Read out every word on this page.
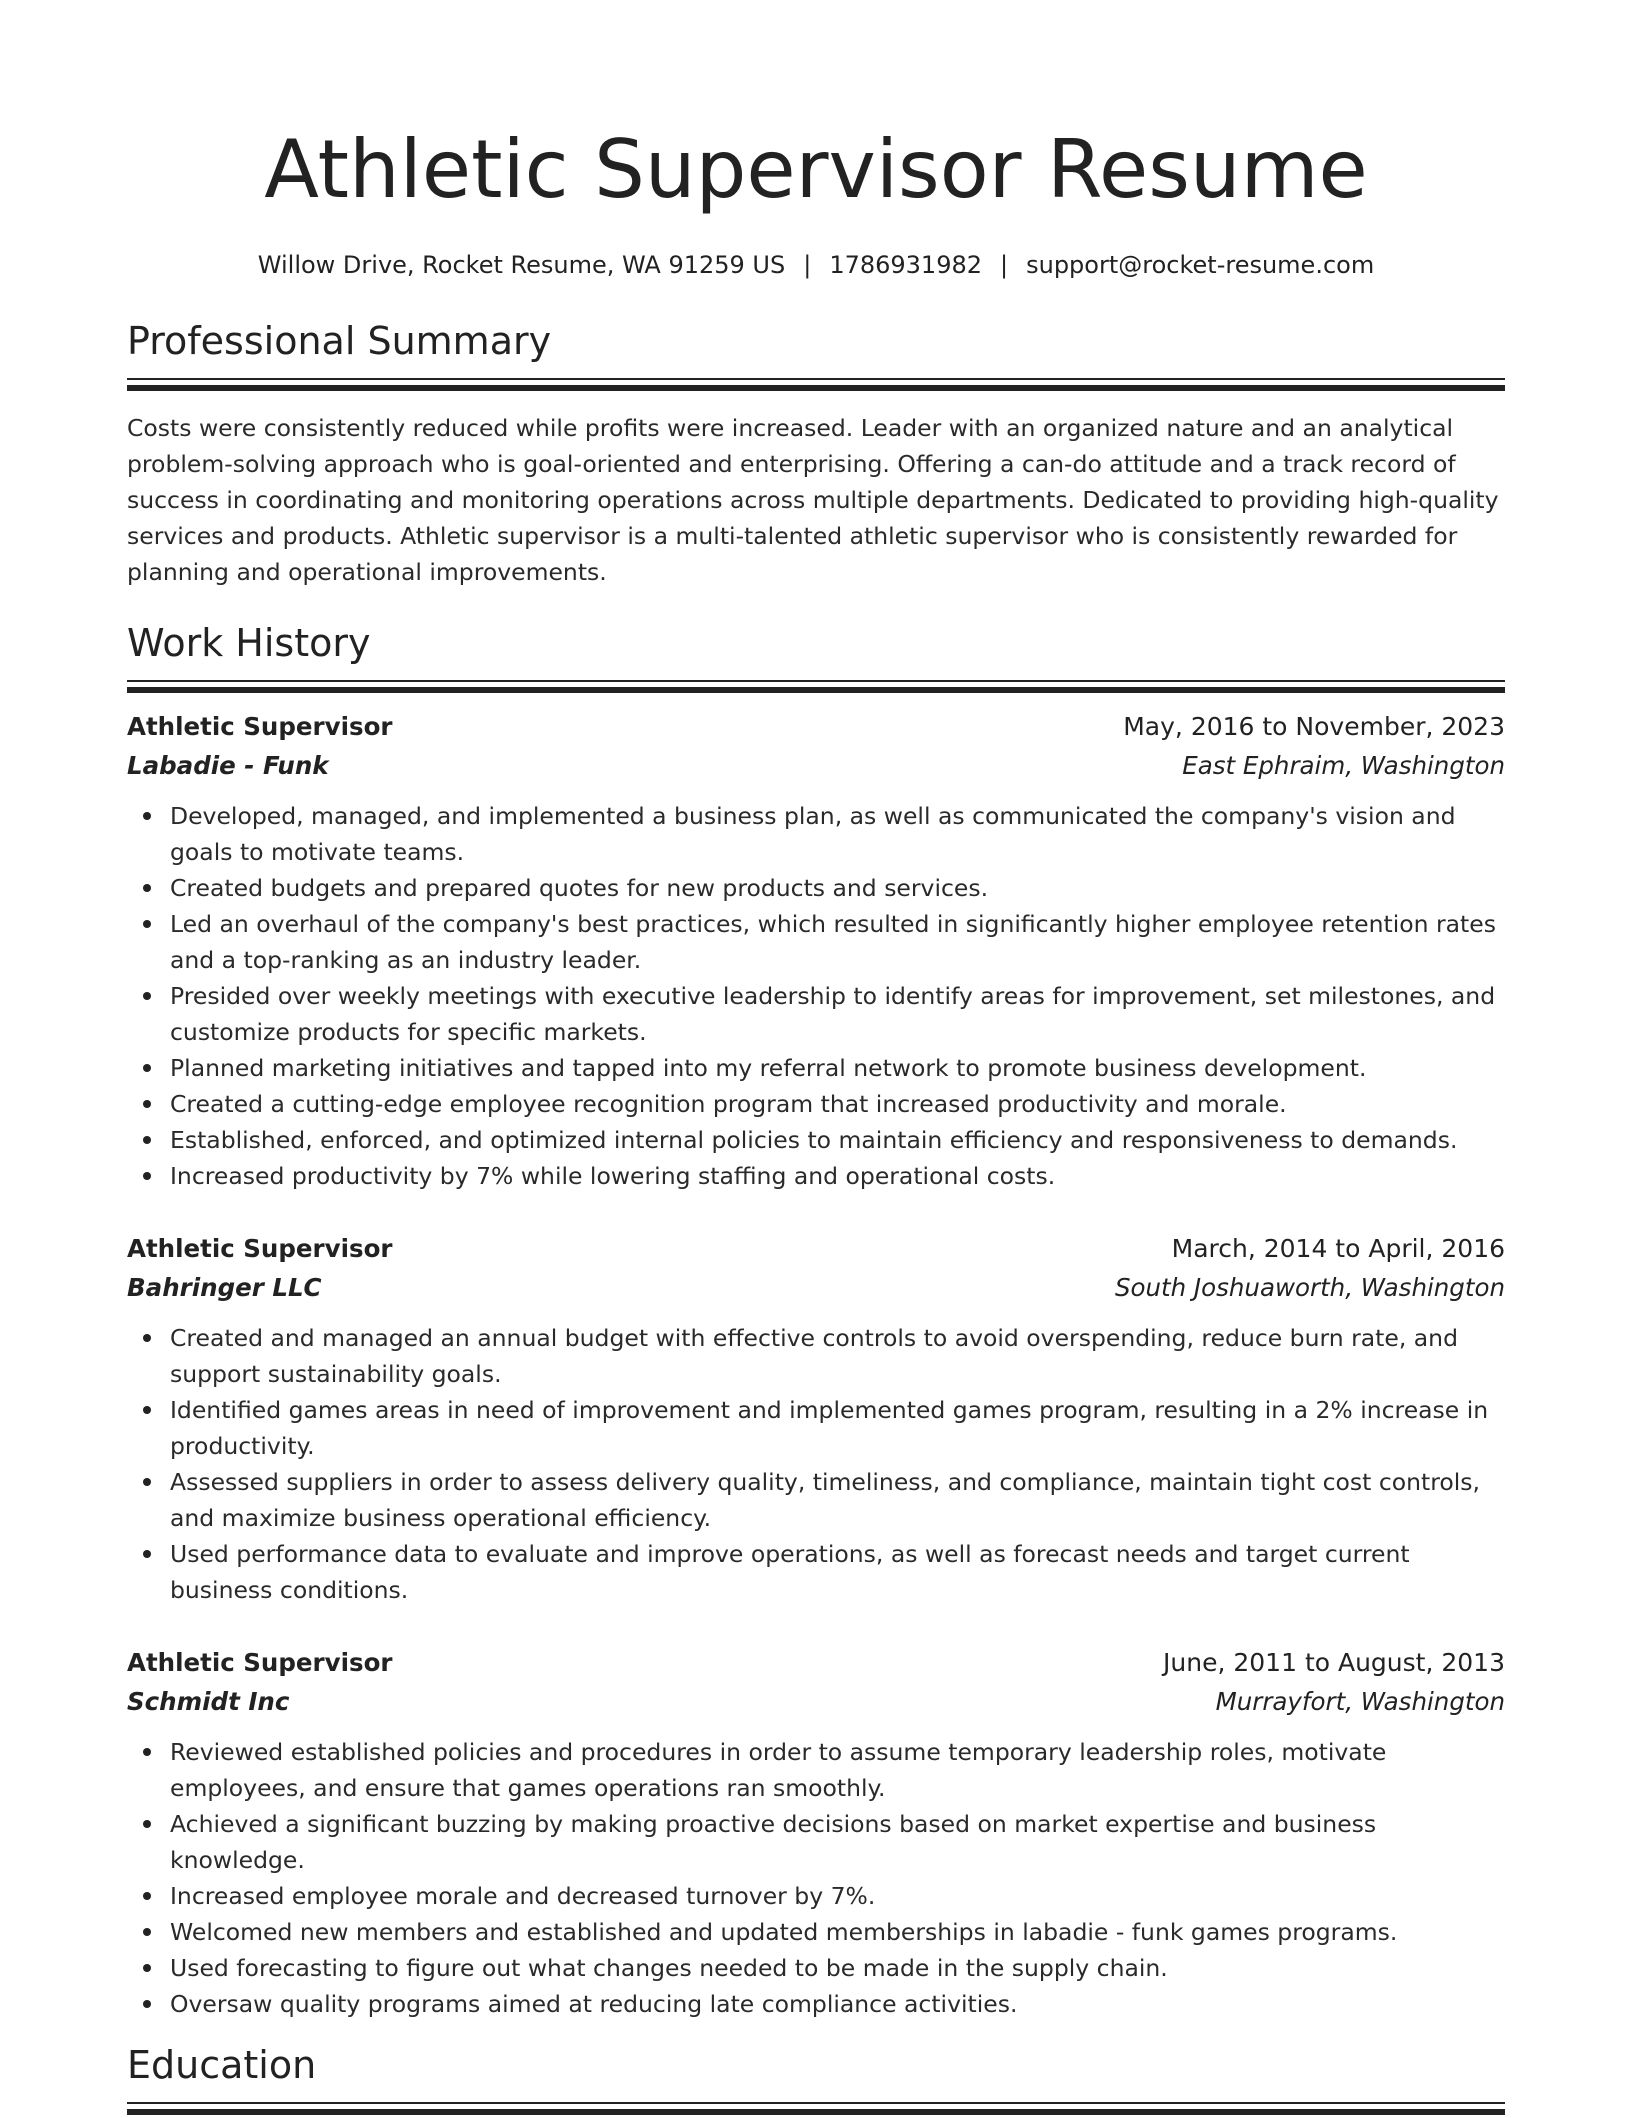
Athletic Supervisor Resume
Willow Drive, Rocket Resume, WA 91259 US | 1786931982 | support@rocket-resume.com
Professional Summary

Costs were consistently reduced while profits were increased. Leader with an organized nature and an analytical problem-solving approach who is goal-oriented and enterprising. Offering a can-do attitude and a track record of success in coordinating and monitoring operations across multiple departments. Dedicated to providing high-quality services and products. Athletic supervisor is a multi-talented athletic supervisor who is consistently rewarded for planning and operational improvements.

Work History
Athletic Supervisor	May, 2016 to November, 2023
Labadie - Funk	East Ephraim, Washington
Developed, managed, and implemented a business plan, as well as communicated the company's vision and goals to motivate teams.
Created budgets and prepared quotes for new products and services.
Led an overhaul of the company's best practices, which resulted in significantly higher employee retention rates and a top-ranking as an industry leader.
Presided over weekly meetings with executive leadership to identify areas for improvement, set milestones, and customize products for specific markets.
Planned marketing initiatives and tapped into my referral network to promote business development.
Created a cutting-edge employee recognition program that increased productivity and morale.
Established, enforced, and optimized internal policies to maintain efficiency and responsiveness to demands.
Increased productivity by 7% while lowering staffing and operational costs.
Athletic Supervisor	March, 2014 to April, 2016
Bahringer LLC	South Joshuaworth, Washington
Created and managed an annual budget with effective controls to avoid overspending, reduce burn rate, and support sustainability goals.
Identified games areas in need of improvement and implemented games program, resulting in a 2% increase in productivity.
Assessed suppliers in order to assess delivery quality, timeliness, and compliance, maintain tight cost controls, and maximize business operational efficiency.
Used performance data to evaluate and improve operations, as well as forecast needs and target current business conditions.
Athletic Supervisor	June, 2011 to August, 2013
Schmidt Inc	Murrayfort, Washington
Reviewed established policies and procedures in order to assume temporary leadership roles, motivate employees, and ensure that games operations ran smoothly.
Achieved a significant buzzing by making proactive decisions based on market expertise and business knowledge.
Increased employee morale and decreased turnover by 7%.
Welcomed new members and established and updated memberships in labadie - funk games programs.
Used forecasting to figure out what changes needed to be made in the supply chain.
Oversaw quality programs aimed at reducing late compliance activities.
Education
